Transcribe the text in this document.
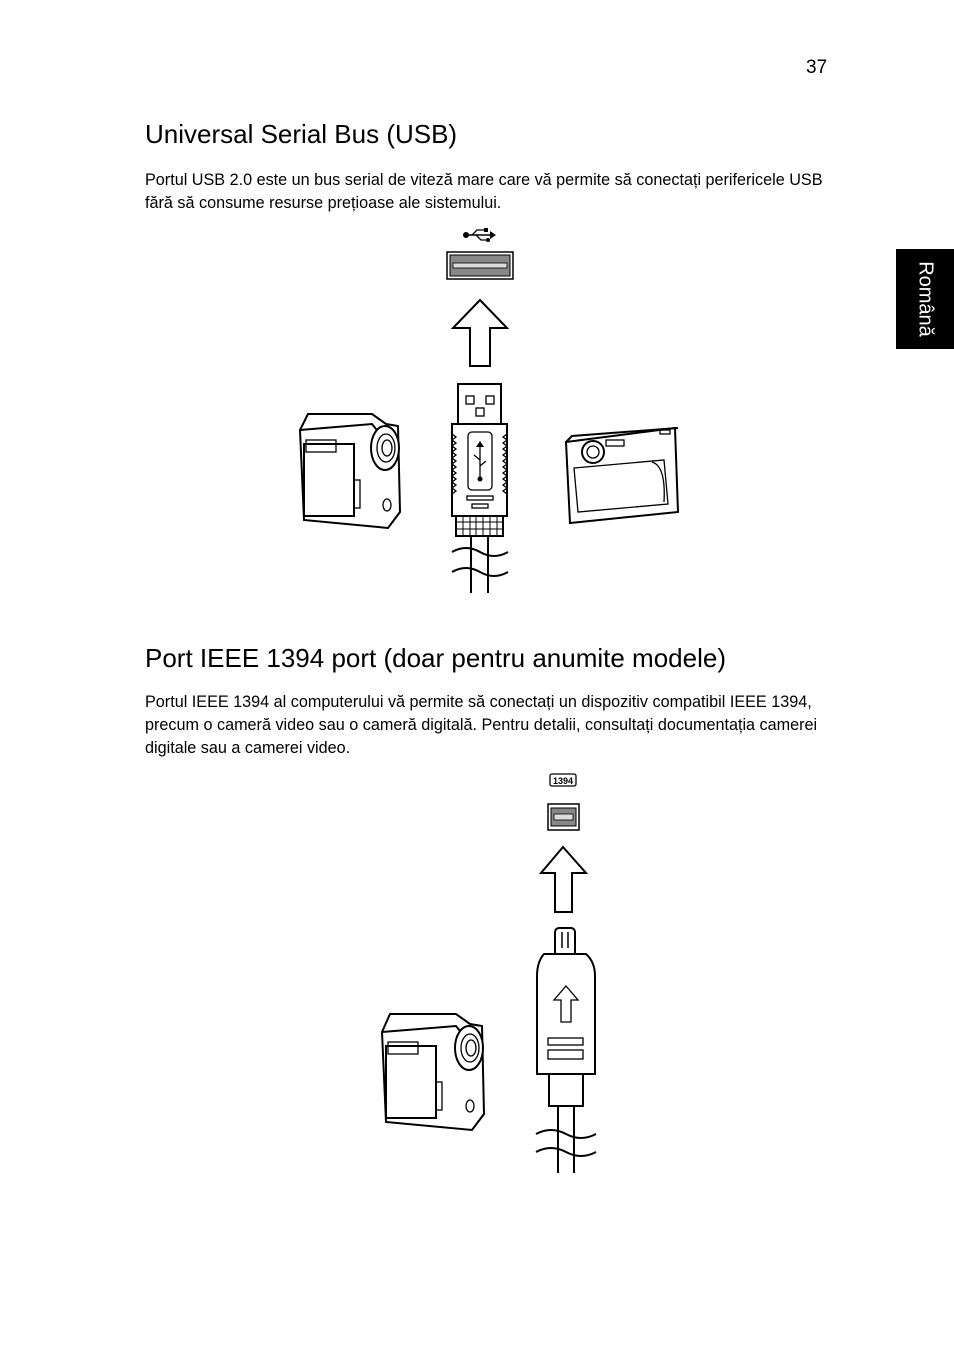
37
Română
Universal Serial Bus (USB)

Portul USB 2.0 este un bus serial de viteză mare care vă permite să conectați perifericele USB fără să consume resurse prețioase ale sistemului.

Port IEEE 1394 port (doar pentru anumite modele)

Portul IEEE 1394 al computerului vă permite să conectați un dispozitiv compatibil IEEE 1394, precum o cameră video sau o cameră digitală. Pentru detalii, consultați documentația camerei digitale sau a camerei video.

1394
